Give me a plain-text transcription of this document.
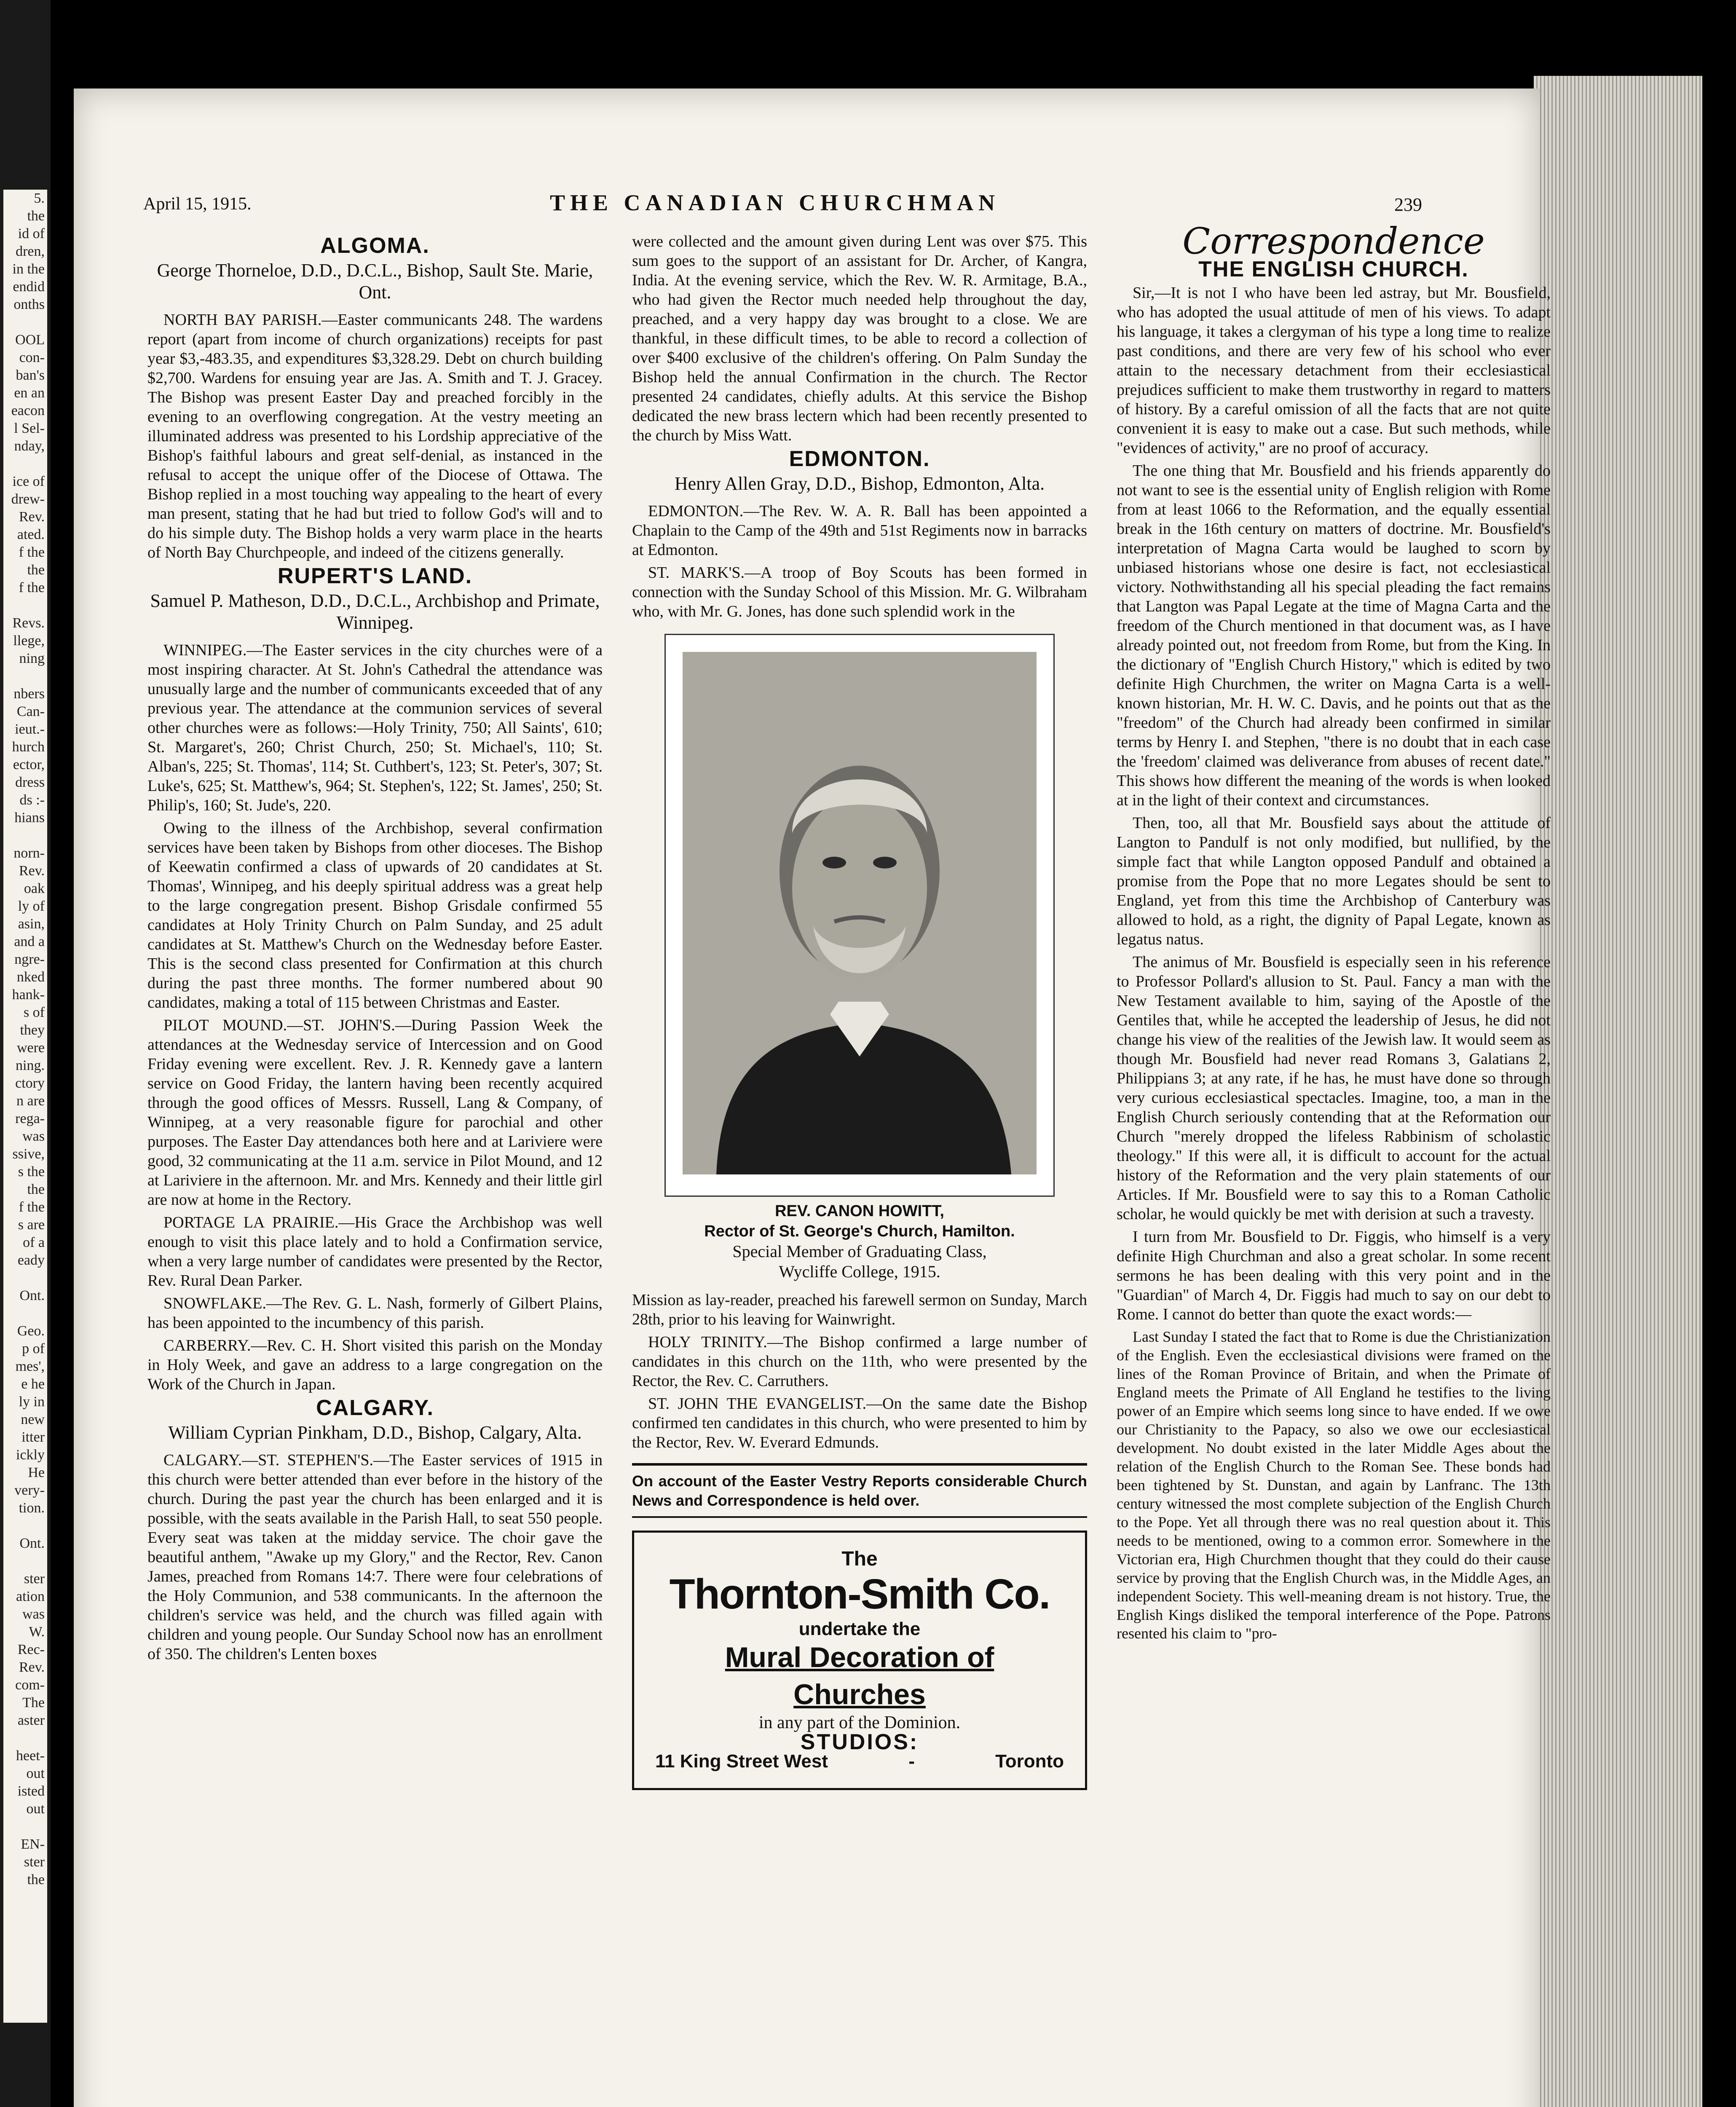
5.
the
id of
dren,
in the
endid
onths

OOL
con-
ban's
en an
eacon
l Sel-
nday,

ice of
drew-
Rev.
ated.
f the
the
f the

Revs.
llege,
ning

nbers
Can-
ieut.-
hurch
ector,
dress
ds :-
hians

norn-
Rev.
oak
ly of
asin,
and a
ngre-
nked
hank-
s of
they
were
ning.
ctory
n are
rega-
was
ssive,
s the
the
f the
s are
of a
eady

Ont.

Geo.
p of
mes',
e he
ly in
new
itter
ickly
He
very-
tion.

Ont.

ster
ation
was
W.
Rec-
Rev.
com-
The
aster

heet-
out
isted
out

EN-
ster
the
April 15, 1915.	THE CANADIAN CHURCHMAN	239
ALGOMA.
George Thorneloe, D.D., D.C.L., Bishop, Sault Ste. Marie, Ont.

NORTH BAY PARISH.—Easter communicants 248. The wardens report (apart from income of church organizations) receipts for past year $3,-483.35, and expenditures $3,328.29. Debt on church building $2,700. Wardens for ensuing year are Jas. A. Smith and T. J. Gracey. The Bishop was present Easter Day and preached forcibly in the evening to an overflowing congregation. At the vestry meeting an illuminated address was presented to his Lordship appreciative of the Bishop's faithful labours and great self-denial, as instanced in the refusal to accept the unique offer of the Diocese of Ottawa. The Bishop replied in a most touching way appealing to the heart of every man present, stating that he had but tried to follow God's will and to do his simple duty. The Bishop holds a very warm place in the hearts of North Bay Churchpeople, and indeed of the citizens generally.

RUPERT'S LAND.
Samuel P. Matheson, D.D., D.C.L., Archbishop and Primate, Winnipeg.

WINNIPEG.—The Easter services in the city churches were of a most inspiring character. At St. John's Cathedral the attendance was unusually large and the number of communicants exceeded that of any previous year. The attendance at the communion services of several other churches were as follows:—Holy Trinity, 750; All Saints', 610; St. Margaret's, 260; Christ Church, 250; St. Michael's, 110; St. Alban's, 225; St. Thomas', 114; St. Cuthbert's, 123; St. Peter's, 307; St. Luke's, 625; St. Matthew's, 964; St. Stephen's, 122; St. James', 250; St. Philip's, 160; St. Jude's, 220.

Owing to the illness of the Archbishop, several confirmation services have been taken by Bishops from other dioceses. The Bishop of Keewatin confirmed a class of upwards of 20 candidates at St. Thomas', Winnipeg, and his deeply spiritual address was a great help to the large congregation present. Bishop Grisdale confirmed 55 candidates at Holy Trinity Church on Palm Sunday, and 25 adult candidates at St. Matthew's Church on the Wednesday before Easter. This is the second class presented for Confirmation at this church during the past three months. The former numbered about 90 candidates, making a total of 115 between Christmas and Easter.

PILOT MOUND.—ST. JOHN'S.—During Passion Week the attendances at the Wednesday service of Intercession and on Good Friday evening were excellent. Rev. J. R. Kennedy gave a lantern service on Good Friday, the lantern having been recently acquired through the good offices of Messrs. Russell, Lang & Company, of Winnipeg, at a very reasonable figure for parochial and other purposes. The Easter Day attendances both here and at Lariviere were good, 32 communicating at the 11 a.m. service in Pilot Mound, and 12 at Lariviere in the afternoon. Mr. and Mrs. Kennedy and their little girl are now at home in the Rectory.

PORTAGE LA PRAIRIE.—His Grace the Archbishop was well enough to visit this place lately and to hold a Confirmation service, when a very large number of candidates were presented by the Rector, Rev. Rural Dean Parker.

SNOWFLAKE.—The Rev. G. L. Nash, formerly of Gilbert Plains, has been appointed to the incumbency of this parish.

CARBERRY.—Rev. C. H. Short visited this parish on the Monday in Holy Week, and gave an address to a large congregation on the Work of the Church in Japan.

CALGARY.
William Cyprian Pinkham, D.D., Bishop, Calgary, Alta.

CALGARY.—ST. STEPHEN'S.—The Easter services of 1915 in this church were better attended than ever before in the history of the church. During the past year the church has been enlarged and it is possible, with the seats available in the Parish Hall, to seat 550 people. Every seat was taken at the midday service. The choir gave the beautiful anthem, "Awake up my Glory," and the Rector, Rev. Canon James, preached from Romans 14:7. There were four celebrations of the Holy Communion, and 538 communicants. In the afternoon the children's service was held, and the church was filled again with children and young people. Our Sunday School now has an enrollment of 350. The children's Lenten boxes

were collected and the amount given during Lent was over $75. This sum goes to the support of an assistant for Dr. Archer, of Kangra, India. At the evening service, which the Rev. W. R. Armitage, B.A., who had given the Rector much needed help throughout the day, preached, and a very happy day was brought to a close. We are thankful, in these difficult times, to be able to record a collection of over $400 exclusive of the children's offering. On Palm Sunday the Bishop held the annual Confirmation in the church. The Rector presented 24 candidates, chiefly adults. At this service the Bishop dedicated the new brass lectern which had been recently presented to the church by Miss Watt.

EDMONTON.
Henry Allen Gray, D.D., Bishop, Edmonton, Alta.

EDMONTON.—The Rev. W. A. R. Ball has been appointed a Chaplain to the Camp of the 49th and 51st Regiments now in barracks at Edmonton.

ST. MARK'S.—A troop of Boy Scouts has been formed in connection with the Sunday School of this Mission. Mr. G. Wilbraham who, with Mr. G. Jones, has done such splendid work in the

REV. CANON HOWITT,
Rector of St. George's Church, Hamilton.
Special Member of Graduating Class,
Wycliffe College, 1915.

Mission as lay-reader, preached his farewell sermon on Sunday, March 28th, prior to his leaving for Wainwright.

HOLY TRINITY.—The Bishop confirmed a large number of candidates in this church on the 11th, who were presented by the Rector, the Rev. C. Carruthers.

ST. JOHN THE EVANGELIST.—On the same date the Bishop confirmed ten candidates in this church, who were presented to him by the Rector, Rev. W. Everard Edmunds.

On account of the Easter Vestry Reports considerable Church News and Correspondence is held over.
The
Thornton-Smith Co.
undertake the
Mural Decoration of
Churches
in any part of the Dominion.
STUDIOS:
11 King Street West	-	Toronto
Correspondence
THE ENGLISH CHURCH.

Sir,—It is not I who have been led astray, but Mr. Bousfield, who has adopted the usual attitude of men of his views. To adapt his language, it takes a clergyman of his type a long time to realize past conditions, and there are very few of his school who ever attain to the necessary detachment from their ecclesiastical prejudices sufficient to make them trustworthy in regard to matters of history. By a careful omission of all the facts that are not quite convenient it is easy to make out a case. But such methods, while "evidences of activity," are no proof of accuracy.

The one thing that Mr. Bousfield and his friends apparently do not want to see is the essential unity of English religion with Rome from at least 1066 to the Reformation, and the equally essential break in the 16th century on matters of doctrine. Mr. Bousfield's interpretation of Magna Carta would be laughed to scorn by unbiased historians whose one desire is fact, not ecclesiastical victory. Nothwithstanding all his special pleading the fact remains that Langton was Papal Legate at the time of Magna Carta and the freedom of the Church mentioned in that document was, as I have already pointed out, not freedom from Rome, but from the King. In the dictionary of "English Church History," which is edited by two definite High Churchmen, the writer on Magna Carta is a well-known historian, Mr. H. W. C. Davis, and he points out that as the "freedom" of the Church had already been confirmed in similar terms by Henry I. and Stephen, "there is no doubt that in each case the 'freedom' claimed was deliverance from abuses of recent date." This shows how different the meaning of the words is when looked at in the light of their context and circumstances.

Then, too, all that Mr. Bousfield says about the attitude of Langton to Pandulf is not only modified, but nullified, by the simple fact that while Langton opposed Pandulf and obtained a promise from the Pope that no more Legates should be sent to England, yet from this time the Archbishop of Canterbury was allowed to hold, as a right, the dignity of Papal Legate, known as legatus natus.

The animus of Mr. Bousfield is especially seen in his reference to Professor Pollard's allusion to St. Paul. Fancy a man with the New Testament available to him, saying of the Apostle of the Gentiles that, while he accepted the leadership of Jesus, he did not change his view of the realities of the Jewish law. It would seem as though Mr. Bousfield had never read Romans 3, Galatians 2, Philippians 3; at any rate, if he has, he must have done so through very curious ecclesiastical spectacles. Imagine, too, a man in the English Church seriously contending that at the Reformation our Church "merely dropped the lifeless Rabbinism of scholastic theology." If this were all, it is difficult to account for the actual history of the Reformation and the very plain statements of our Articles. If Mr. Bousfield were to say this to a Roman Catholic scholar, he would quickly be met with derision at such a travesty.

I turn from Mr. Bousfield to Dr. Figgis, who himself is a very definite High Churchman and also a great scholar. In some recent sermons he has been dealing with this very point and in the "Guardian" of March 4, Dr. Figgis had much to say on our debt to Rome. I cannot do better than quote the exact words:—

Last Sunday I stated the fact that to Rome is due the Christianization of the English. Even the ecclesiastical divisions were framed on the lines of the Roman Province of Britain, and when the Primate of England meets the Primate of All England he testifies to the living power of an Empire which seems long since to have ended. If we owe our Christianity to the Papacy, so also we owe our ecclesiastical development. No doubt existed in the later Middle Ages about the relation of the English Church to the Roman See. These bonds had been tightened by St. Dunstan, and again by Lanfranc. The 13th century witnessed the most complete subjection of the English Church to the Pope. Yet all through there was no real question about it. This needs to be mentioned, owing to a common error. Somewhere in the Victorian era, High Churchmen thought that they could do their cause service by proving that the English Church was, in the Middle Ages, an independent Society. This well-meaning dream is not history. True, the English Kings disliked the temporal interference of the Pope. Patrons resented his claim to "pro-
